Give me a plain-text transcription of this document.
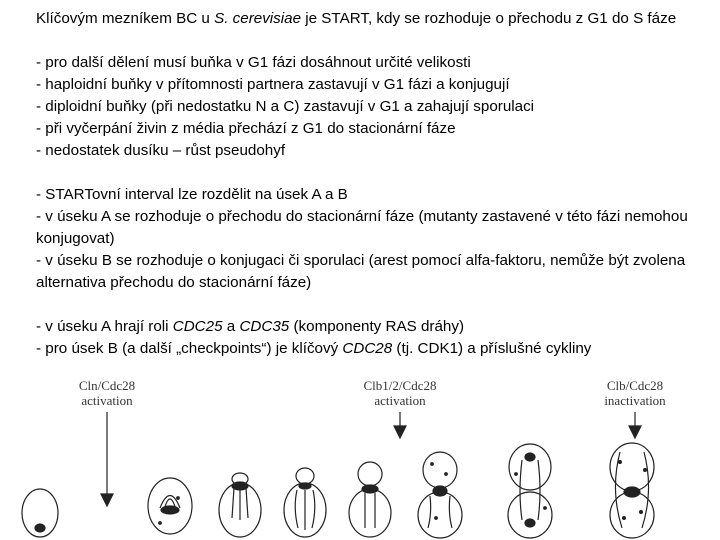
Klíčovým mezníkem BC u S. cerevisiae je START, kdy se rozhoduje o přechodu z G1 do S fáze

- pro další dělení musí buňka v G1 fázi dosáhnout určité velikosti

- haploidní buňky v přítomnosti partnera zastavují v G1 fázi a konjugují

- diploidní buňky (při nedostatku N a C) zastavují v G1 a zahajují sporulaci

- při vyčerpání živin z média přechází z G1 do stacionární fáze

- nedostatek dusíku – růst pseudohyf

- STARTovní interval lze rozdělit na úsek A a B

- v úseku A se rozhoduje o přechodu do stacionární fáze (mutanty zastavené v této fázi nemohou konjugovat)

- v úseku B se rozhoduje o konjugaci či sporulaci (arest pomocí alfa-faktoru, nemůže být zvolena alternativa přechodu do stacionární fáze)

- v úseku A hrají roli CDC25 a CDC35 (komponenty RAS dráhy)

- pro úsek B (a další „checkpoints“) je klíčový CDC28 (tj. CDK1) a příslušné cykliny

Cln/Cdc28
activation
Clb1/2/Cdc28
activation
Clb/Cdc28
inactivation
